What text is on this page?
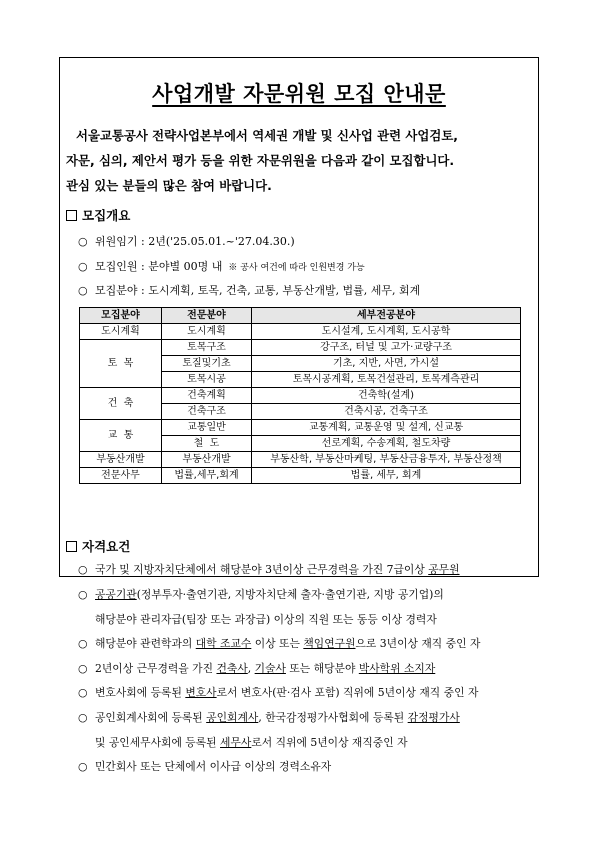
사업개발 자문위원 모집 안내문
서울교통공사 전략사업본부에서 역세권 개발 및 신사업 관련 사업검토,
자문, 심의, 제안서 평가 등을 위한 자문위원을 다음과 같이 모집합니다.
관심 있는 분들의 많은 참여 바랍니다.
모집개요
○ 위원임기 : 2년('25.05.01.~'27.04.30.)
○ 모집인원 : 분야별 00명 내 ※ 공사 여건에 따라 인원변경 가능
○ 모집분야 : 도시계획, 토목, 건축, 교통, 부동산개발, 법률, 세무, 회계
모집분야	전문분야	세부전공분야
도시계획	도시계획	도시설계, 도시계획, 도시공학
토  목	토목구조	강구조, 터널 및 고가·교량구조
	토질및기초	기초, 지반, 사면, 가시설
	토목시공	토목시공계획, 토목건설관리, 토목계측관리
건  축	건축계획	건축학(설계)
	건축구조	건축시공, 건축구조
교  통	교통일반	교통계획, 교통운영 및 설계, 신교통
	철  도	선로계획, 수송계획, 철도차량
부동산개발	부동산개발	부동산학, 부동산마케팅, 부동산금융투자, 부동산정책
전문사무	법률,세무,회계	법률, 세무, 회계
자격요건
○ 국가 및 지방자치단체에서 해당분야 3년이상 근무경력을 가진 7급이상 공무원
○ 공공기관(정부투자·출연기관, 지방자치단체 출자·출연기관, 지방 공기업)의
해당분야 관리자급(팀장 또는 과장급) 이상의 직원 또는 동등 이상 경력자
○ 해당분야 관련학과의 대학 조교수 이상 또는 책임연구원으로 3년이상 재직 중인 자
○ 2년이상 근무경력을 가진 건축사, 기술사 또는 해당분야 박사학위 소지자
○ 변호사회에 등록된 변호사로서 변호사(판·검사 포함) 직위에 5년이상 재직 중인 자
○ 공인회계사회에 등록된 공인회계사, 한국감정평가사협회에 등록된 감정평가사
및 공인세무사회에 등록된 세무사로서 직위에 5년이상 재직중인 자
○ 민간회사 또는 단체에서 이사급 이상의 경력소유자
